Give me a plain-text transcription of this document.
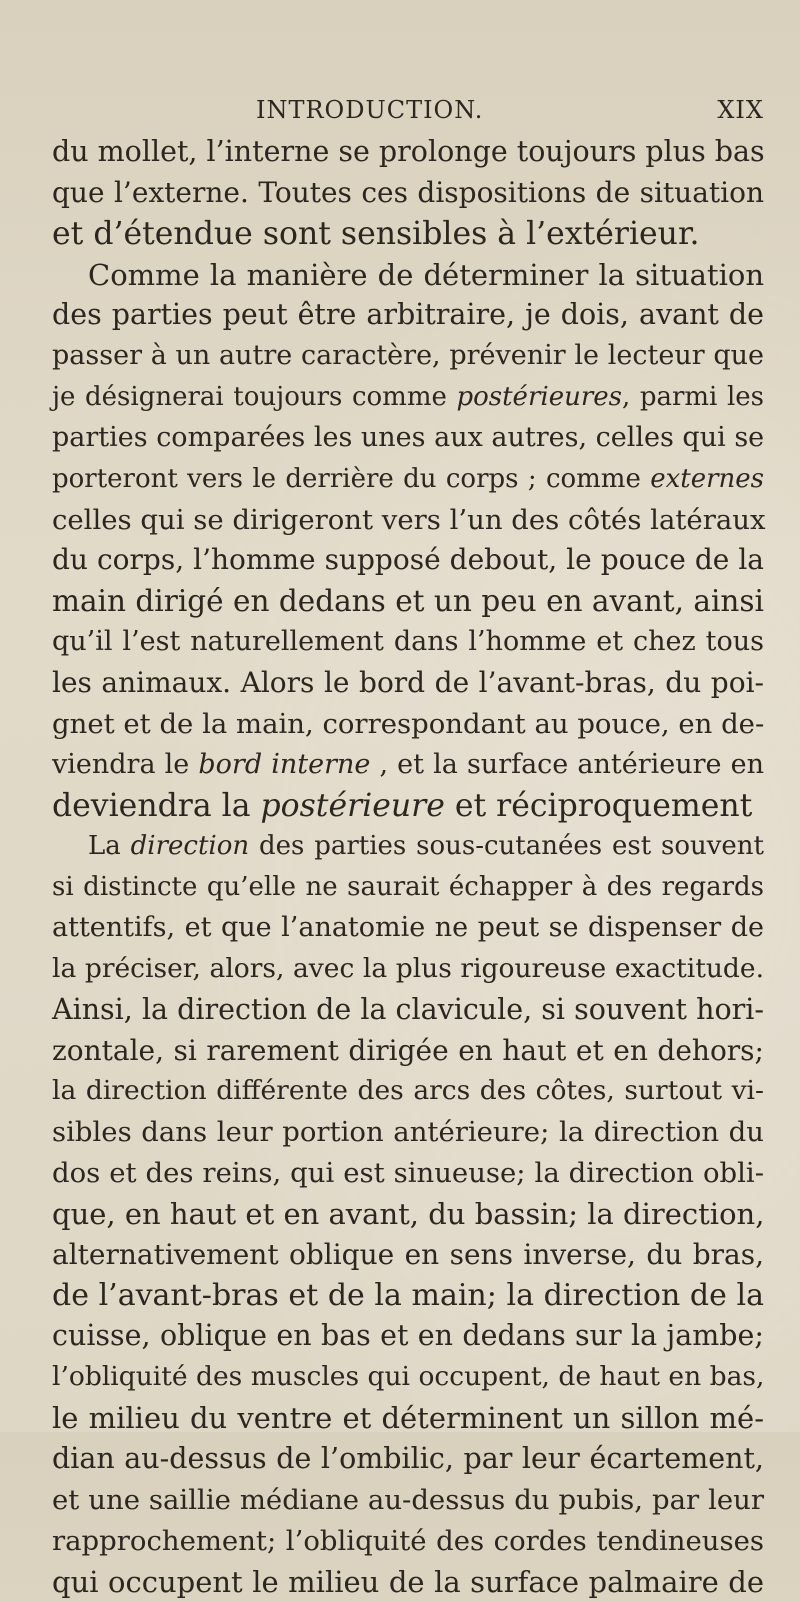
INTRODUCTION.	XIX
du mollet, l’interne se prolonge toujours plus bas
que l’externe. Toutes ces dispositions de situation
et d’étendue sont sensibles à l’extérieur.
Comme la manière de déterminer la situation
des parties peut être arbitraire, je dois, avant de
passer à un autre caractère, prévenir le lecteur que
je désignerai toujours comme postérieures, parmi les
parties comparées les unes aux autres, celles qui se
porteront vers le derrière du corps ; comme externes
celles qui se dirigeront vers l’un des côtés latéraux
du corps, l’homme supposé debout, le pouce de la
main dirigé en dedans et un peu en avant, ainsi
qu’il l’est naturellement dans l’homme et chez tous
les animaux. Alors le bord de l’avant-bras, du poi-
gnet et de la main, correspondant au pouce, en de-
viendra le bord interne , et la surface antérieure en
deviendra la postérieure et réciproquement
La direction des parties sous-cutanées est souvent
si distincte qu’elle ne saurait échapper à des regards
attentifs, et que l’anatomie ne peut se dispenser de
la préciser, alors, avec la plus rigoureuse exactitude.
Ainsi, la direction de la clavicule, si souvent hori-
zontale, si rarement dirigée en haut et en dehors;
la direction différente des arcs des côtes, surtout vi-
sibles dans leur portion antérieure; la direction du
dos et des reins, qui est sinueuse; la direction obli-
que, en haut et en avant, du bassin; la direction,
alternativement oblique en sens inverse, du bras,
de l’avant-bras et de la main; la direction de la
cuisse, oblique en bas et en dedans sur la jambe;
l’obliquité des muscles qui occupent, de haut en bas,
le milieu du ventre et déterminent un sillon mé-
dian au-dessus de l’ombilic, par leur écartement,
et une saillie médiane au-dessus du pubis, par leur
rapprochement; l’obliquité des cordes tendineuses
qui occupent le milieu de la surface palmaire de
